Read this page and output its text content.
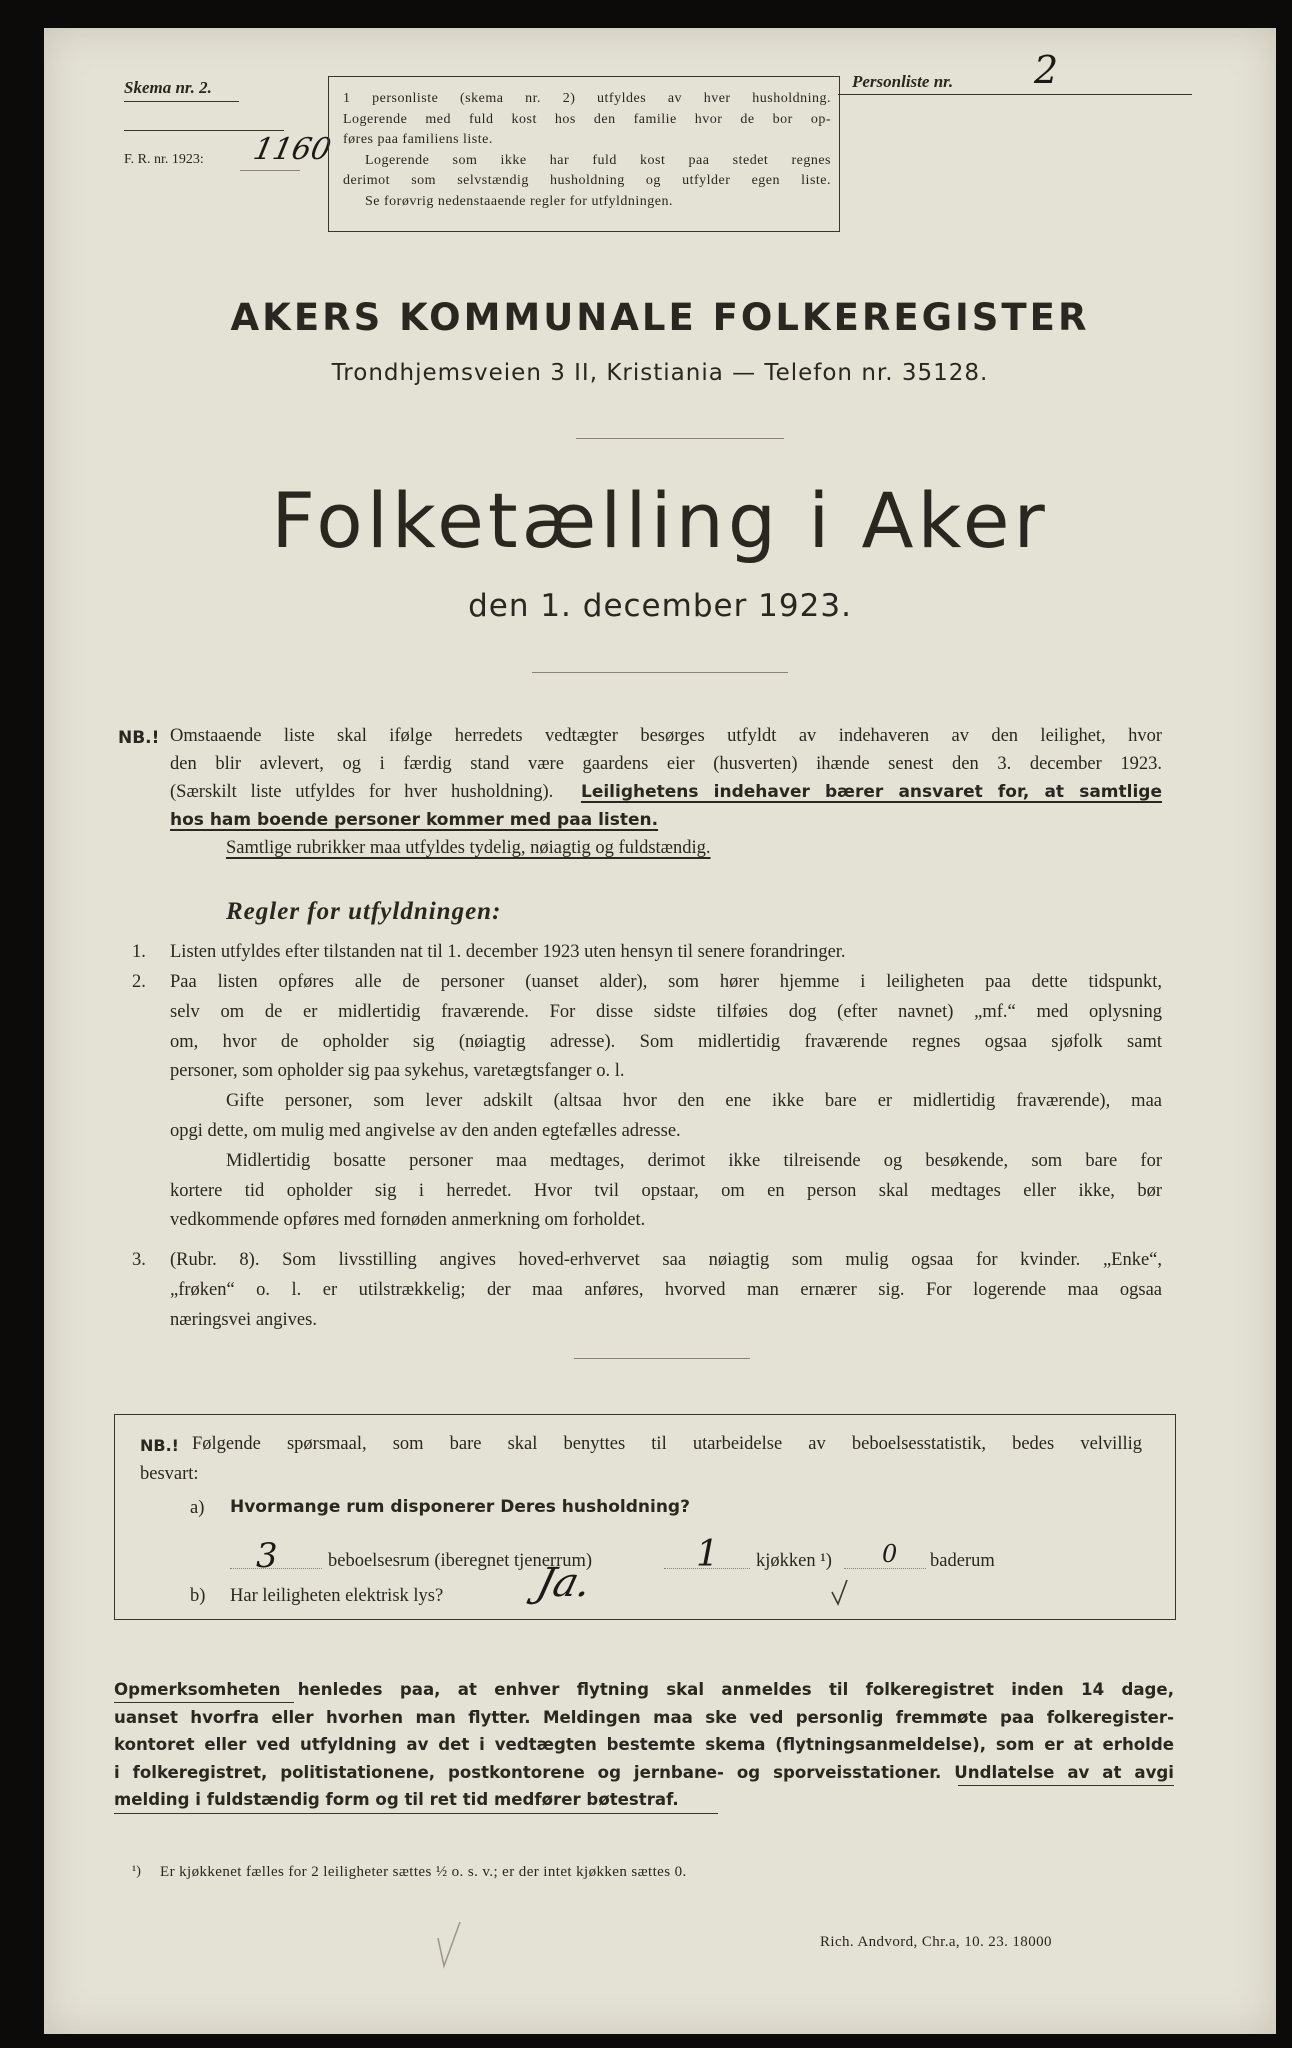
Skema nr. 2.
F. R. nr. 1923: 1160
1 personliste (skema nr. 2) utfyldes av hver husholdning.
Logerende med fuld kost hos den familie hvor de bor op-
føres paa familiens liste.
Logerende som ikke har fuld kost paa stedet regnes
derimot som selvstændig husholdning og utfylder egen liste.
Se forøvrig nedenstaaende regler for utfyldningen.
Personliste nr. 2
AKERS KOMMUNALE FOLKEREGISTER
Trondhjemsveien 3 II, Kristiania — Telefon nr. 35128.
Folketælling i Aker
den 1. december 1923.
NB.! Omstaaende liste skal ifølge herredets vedtægter besørges utfyldt av indehaveren av den leilighet, hvor
den blir avlevert, og i færdig stand være gaardens eier (husverten) ihænde senest den 3. december 1923.
(Særskilt liste utfyldes for hver husholdning). Leilighetens indehaver bærer ansvaret for, at samtlige
hos ham boende personer kommer med paa listen.
Samtlige rubrikker maa utfyldes tydelig, nøiagtig og fuldstændig.
Regler for utfyldningen:
1. Listen utfyldes efter tilstanden nat til 1. december 1923 uten hensyn til senere forandringer.
2. Paa listen opføres alle de personer (uanset alder), som hører hjemme i leiligheten paa dette tidspunkt,
selv om de er midlertidig fraværende. For disse sidste tilføies dog (efter navnet) „mf.“ med oplysning
om, hvor de opholder sig (nøiagtig adresse). Som midlertidig fraværende regnes ogsaa sjøfolk samt
personer, som opholder sig paa sykehus, varetægtsfanger o. l.
Gifte personer, som lever adskilt (altsaa hvor den ene ikke bare er midlertidig fraværende), maa
opgi dette, om mulig med angivelse av den anden egtefælles adresse.
Midlertidig bosatte personer maa medtages, derimot ikke tilreisende og besøkende, som bare for
kortere tid opholder sig i herredet. Hvor tvil opstaar, om en person skal medtages eller ikke, bør
vedkommende opføres med fornøden anmerkning om forholdet.
3. (Rubr. 8). Som livsstilling angives hoved-erhvervet saa nøiagtig som mulig ogsaa for kvinder. „Enke“,
„frøken“ o. l. er utilstrækkelig; der maa anføres, hvorved man ernærer sig. For logerende maa ogsaa
næringsvei angives.
NB.! Følgende spørsmaal, som bare skal benyttes til utarbeidelse av beboelsesstatistik, bedes velvillig
besvart:
a) Hvormange rum disponerer Deres husholdning?
3	beboelsesrum (iberegnet tjenerrum)	1 kjøkken ¹) 0 baderum
b) Har leiligheten elektrisk lys? Ja.
Opmerksomheten henledes paa, at enhver flytning skal anmeldes til folkeregistret inden 14 dage,
uanset hvorfra eller hvorhen man flytter. Meldingen maa ske ved personlig fremmøte paa folkeregister-
kontoret eller ved utfyldning av det i vedtægten bestemte skema (flytningsanmeldelse), som er at erholde
i folkeregistret, politistationene, postkontorene og jernbane- og sporveisstationer. Undlatelse av at avgi
melding i fuldstændig form og til ret tid medfører bøtestraf.
¹) Er kjøkkenet fælles for 2 leiligheter sættes ½ o. s. v.; er der intet kjøkken sættes 0.
Rich. Andvord, Chr.a, 10. 23. 18000
